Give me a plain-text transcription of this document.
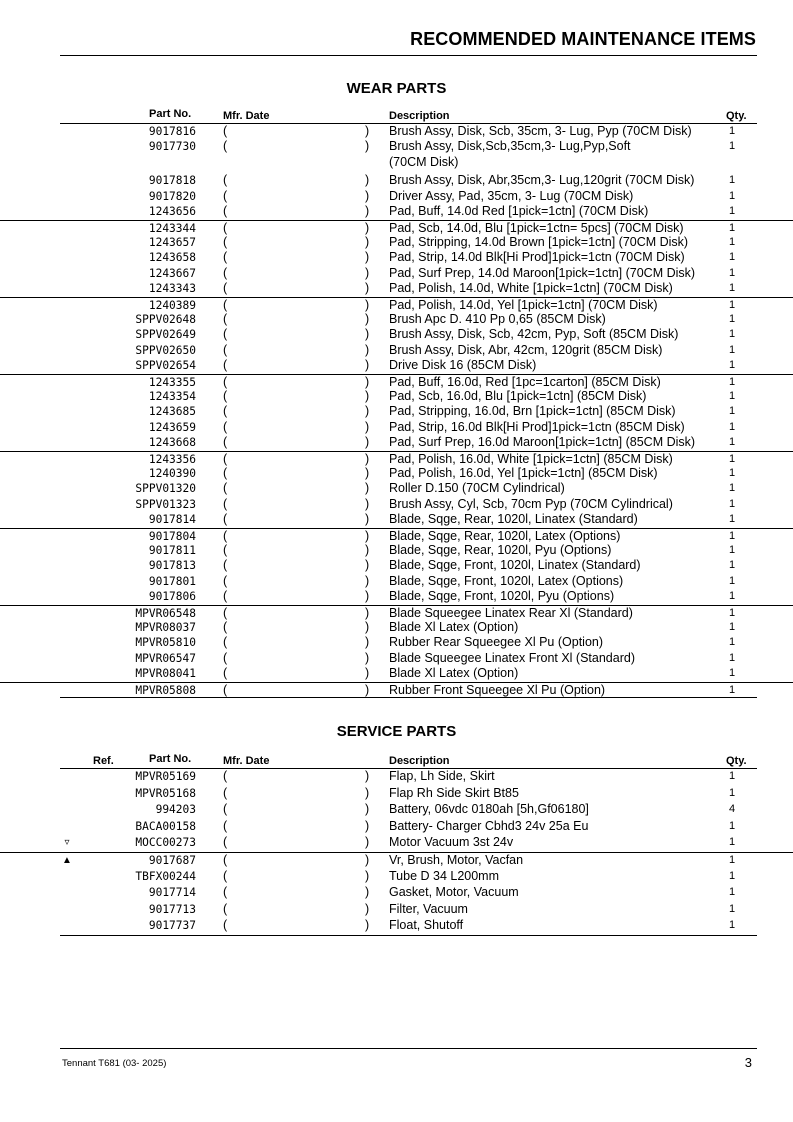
RECOMMENDED MAINTENANCE ITEMS
WEAR PARTS
Part No.	Mfr. Date	Description	Qty.
9017816 (	) Brush Assy, Disk, Scb, 35cm, 3- Lug, Pyp (70CM Disk)	1
9017730 (	) Brush Assy, Disk,Scb,35cm,3- Lug,Pyp,Soft	1
(70CM Disk)
9017818 (	) Brush Assy, Disk, Abr,35cm,3- Lug,120grit (70CM Disk)	1
9017820 (	) Driver Assy, Pad, 35cm, 3- Lug (70CM Disk)	1
1243656 (	) Pad, Buff, 14.0d Red [1pick=1ctn] (70CM Disk)	1
1243344 (	) Pad, Scb, 14.0d, Blu [1pick=1ctn= 5pcs] (70CM Disk)	1
1243657 (	) Pad, Stripping, 14.0d Brown [1pick=1ctn] (70CM Disk)	1
1243658 (	) Pad, Strip, 14.0d Blk[Hi Prod]1pick=1ctn (70CM Disk)	1
1243667 (	) Pad, Surf Prep, 14.0d Maroon[1pick=1ctn] (70CM Disk)	1
1243343 (	) Pad, Polish, 14.0d, White [1pick=1ctn] (70CM Disk)	1
1240389 (	) Pad, Polish, 14.0d, Yel [1pick=1ctn] (70CM Disk)	1
SPPV02648 (	) Brush Apc D. 410 Pp 0,65 (85CM Disk)	1
SPPV02649 (	) Brush Assy, Disk, Scb, 42cm, Pyp, Soft (85CM Disk)	1
SPPV02650 (	) Brush Assy, Disk, Abr, 42cm, 120grit (85CM Disk)	1
SPPV02654 (	) Drive Disk 16 (85CM Disk)	1
1243355 (	) Pad, Buff, 16.0d, Red [1pc=1carton] (85CM Disk)	1
1243354 (	) Pad, Scb, 16.0d, Blu [1pick=1ctn] (85CM Disk)	1
1243685 (	) Pad, Stripping, 16.0d, Brn [1pick=1ctn] (85CM Disk)	1
1243659 (	) Pad, Strip, 16.0d Blk[Hi Prod]1pick=1ctn (85CM Disk)	1
1243668 (	) Pad, Surf Prep, 16.0d Maroon[1pick=1ctn] (85CM Disk)	1
1243356 (	) Pad, Polish, 16.0d, White [1pick=1ctn] (85CM Disk)	1
1240390 (	) Pad, Polish, 16.0d, Yel [1pick=1ctn] (85CM Disk)	1
SPPV01320 (	) Roller D.150 (70CM Cylindrical)	1
SPPV01323 (	) Brush Assy, Cyl, Scb, 70cm Pyp (70CM Cylindrical)	1
9017814 (	) Blade, Sqge, Rear, 1020l, Linatex (Standard)	1
9017804 (	) Blade, Sqge, Rear, 1020l, Latex (Options)	1
9017811 (	) Blade, Sqge, Rear, 1020l, Pyu (Options)	1
9017813 (	) Blade, Sqge, Front, 1020l, Linatex (Standard)	1
9017801 (	) Blade, Sqge, Front, 1020l, Latex (Options)	1
9017806 (	) Blade, Sqge, Front, 1020l, Pyu (Options)	1
MPVR06548 (	) Blade Squeegee Linatex Rear Xl (Standard)	1
MPVR08037 (	) Blade Xl Latex (Option)	1
MPVR05810 (	) Rubber Rear Squeegee Xl Pu (Option)	1
MPVR06547 (	) Blade Squeegee Linatex Front Xl (Standard)	1
MPVR08041 (	) Blade Xl Latex (Option)	1
MPVR05808 (	) Rubber Front Squeegee Xl Pu (Option)	1
SERVICE PARTS
Ref.	Part No.	Mfr. Date	Description	Qty.
MPVR05169 (	) Flap, Lh Side, Skirt	1
MPVR05168 (	) Flap Rh Side Skirt Bt85	1
994203 (	) Battery, 06vdc 0180ah [5h,Gf06180]	4
BACA00158 (	) Battery- Charger Cbhd3 24v 25a Eu	1
▿	MOCC00273 (	) Motor Vacuum 3st 24v	1
▲	9017687 (	) Vr, Brush, Motor, Vacfan	1
TBFX00244 (	) Tube D 34 L200mm	1
9017714 (	) Gasket, Motor, Vacuum	1
9017713 (	) Filter, Vacuum	1
9017737 (	) Float, Shutoff	1
Tennant T681 (03- 2025)	3
